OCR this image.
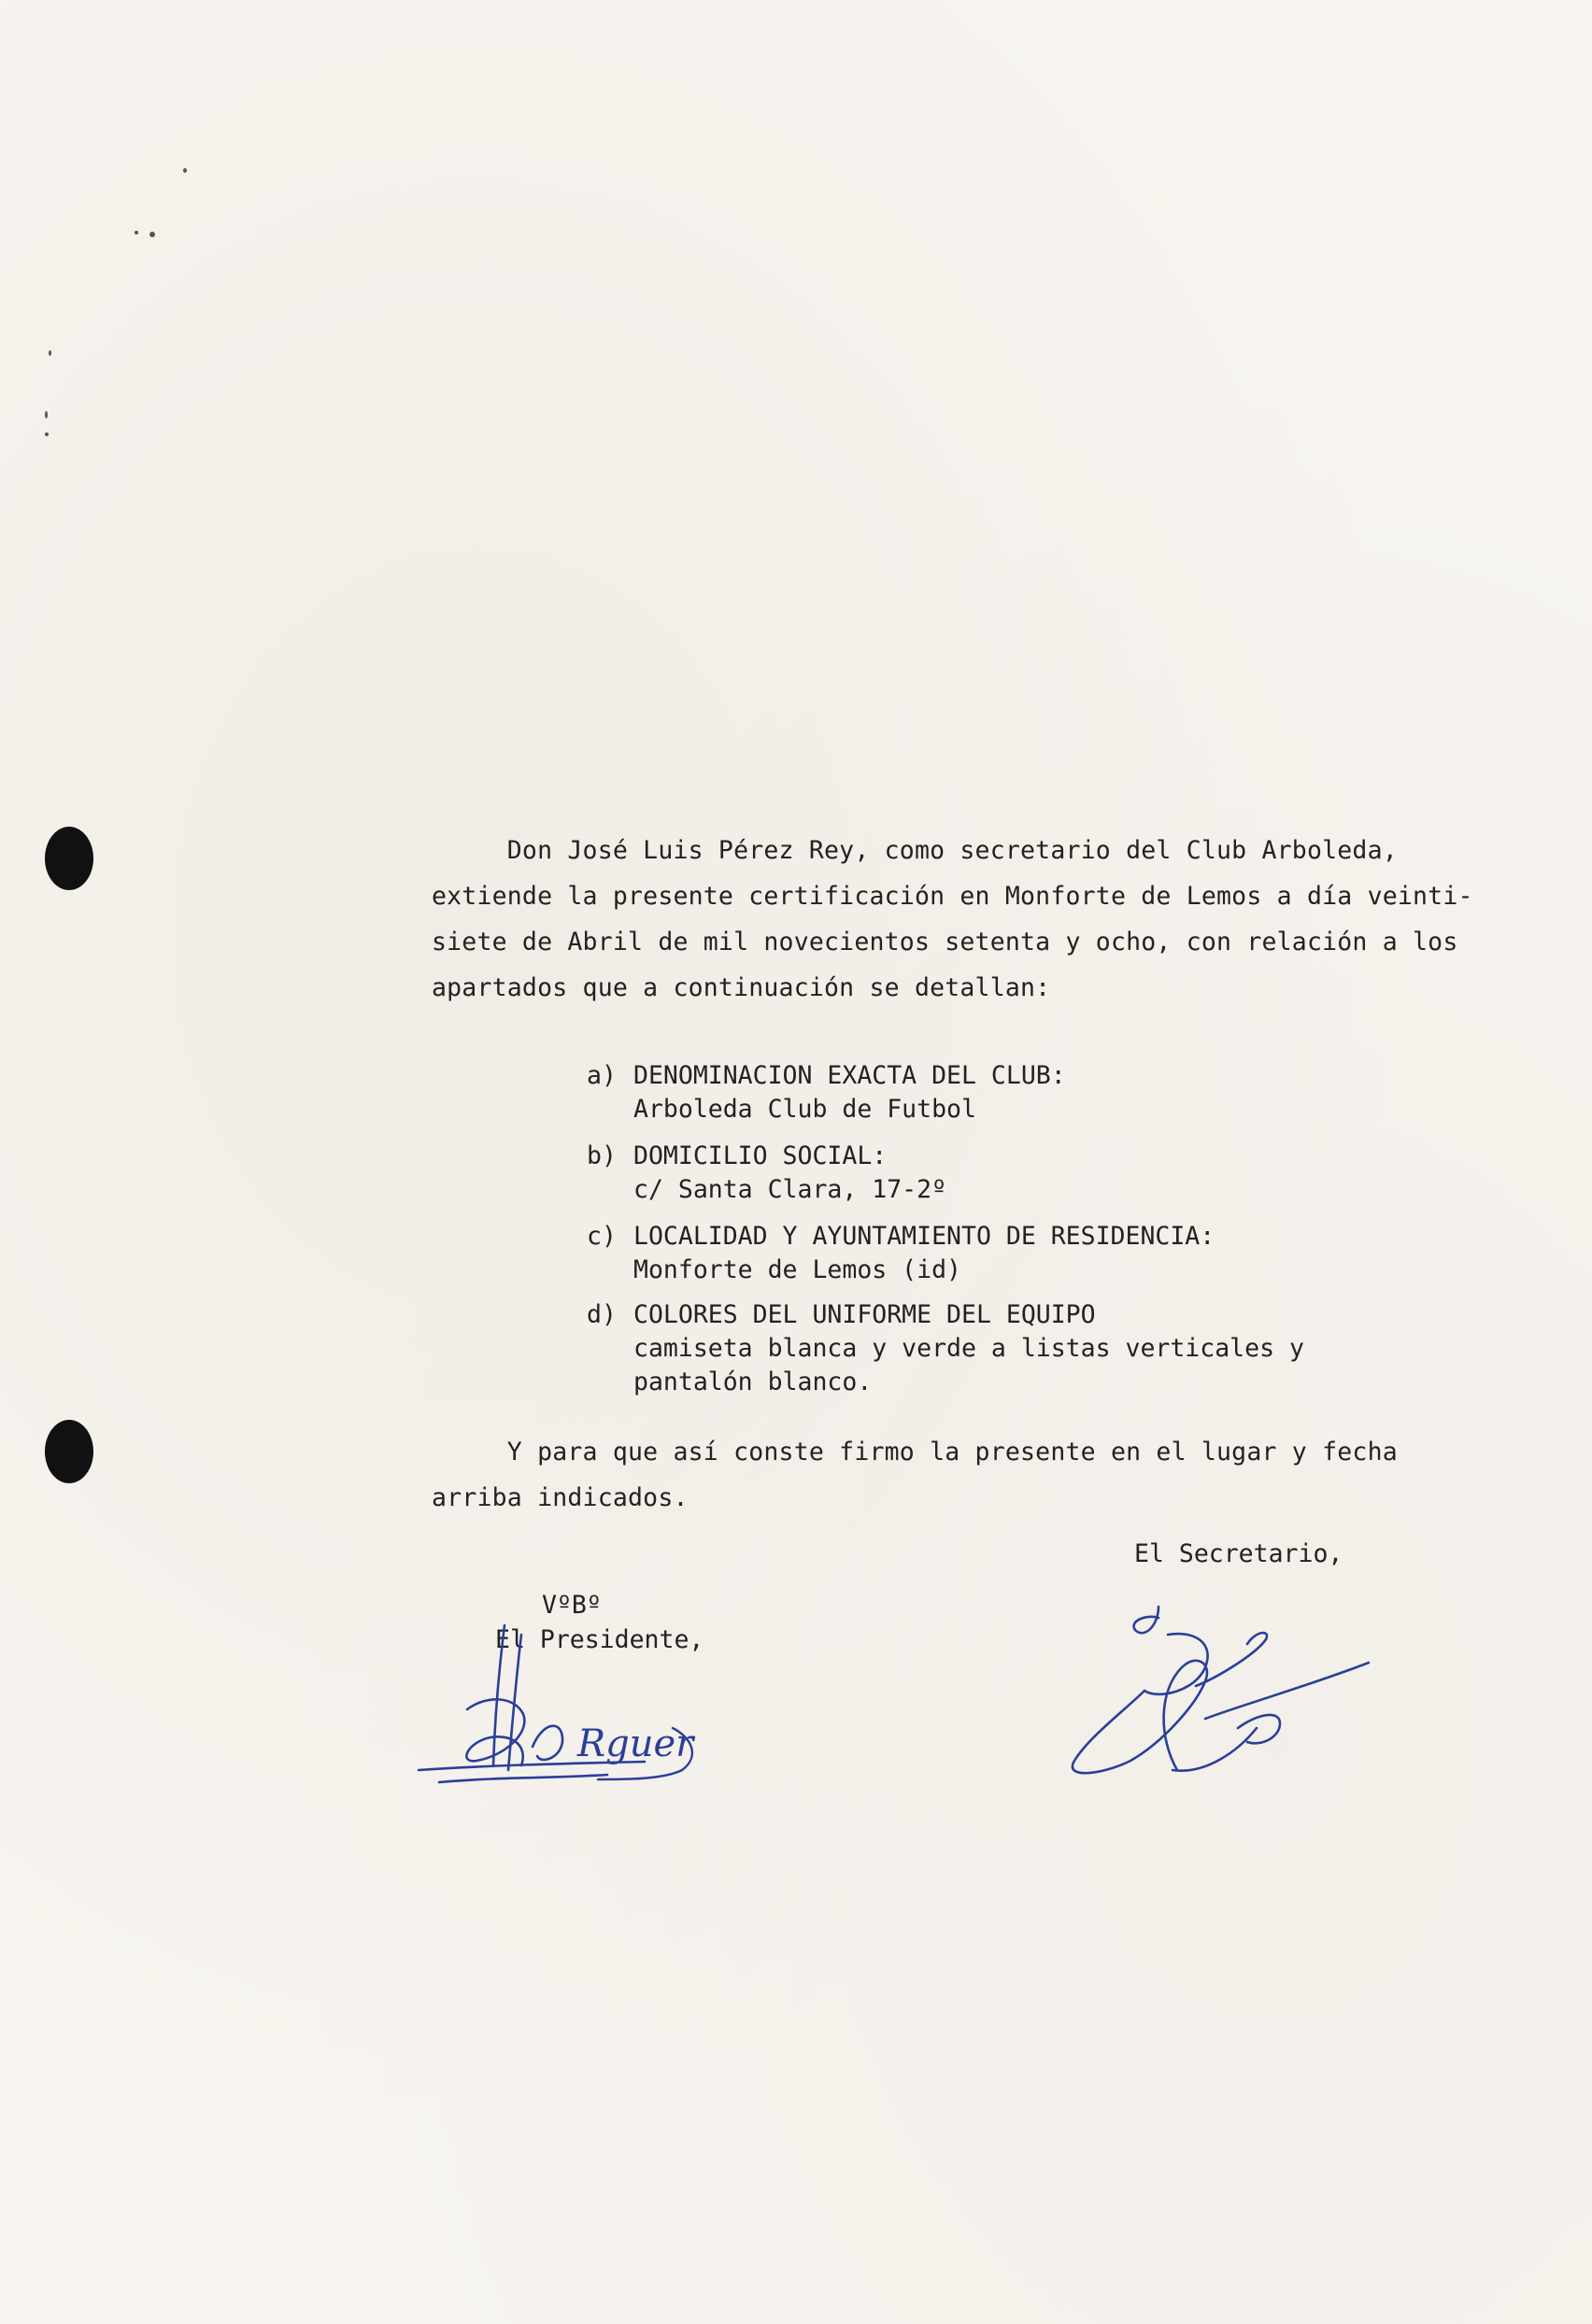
Don José Luis Pérez Rey, como secretario del Club Arboleda,
extiende la presente certificación en Monforte de Lemos a día veinti-
siete de Abril de mil novecientos setenta y ocho, con relación a los
apartados que a continuación se detallan:

a)

DENOMINACION EXACTA DEL CLUB:
Arboleda Club de Futbol

b)

DOMICILIO SOCIAL:
c/ Santa Clara, 17-2º

c)

LOCALIDAD Y AYUNTAMIENTO DE RESIDENCIA:
Monforte de Lemos (id)

d)

COLORES DEL UNIFORME DEL EQUIPO
camiseta blanca y verde a listas verticales y
pantalón blanco.

Y para que así conste firmo la presente en el lugar y fecha
arriba indicados.
El Secretario,
VºBº
El Presidente,
Rguer
